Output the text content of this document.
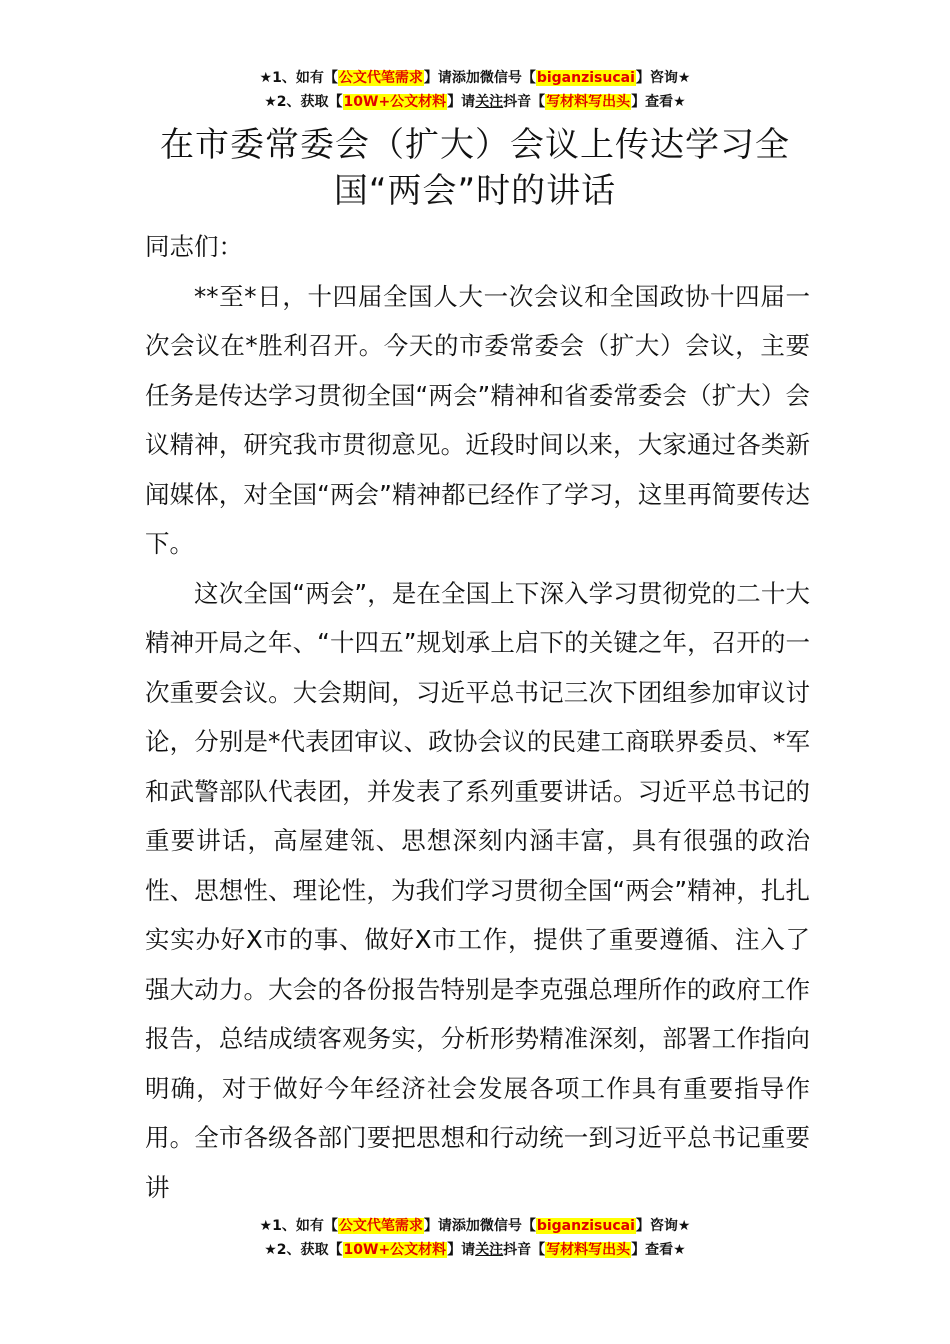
★1、如有【公文代笔需求】请添加微信号【biganzisucai】咨询★
★2、获取【10W+公文材料】请关注抖音【写材料写出头】查看★
在市委常委会（扩大）会议上传达学习全国“两会”时的讲话

同志们：

**至*日，十四届全国人大一次会议和全国政协十四届一次会议在*胜利召开。今天的市委常委会（扩大）会议，主要任务是传达学习贯彻全国“两会”精神和省委常委会（扩大）会议精神，研究我市贯彻意见。近段时间以来，大家通过各类新闻媒体，对全国“两会”精神都已经作了学习，这里再简要传达下。

这次全国“两会”，是在全国上下深入学习贯彻党的二十大精神开局之年、“十四五”规划承上启下的关键之年，召开的一次重要会议。大会期间，习近平总书记三次下团组参加审议讨论，分别是*代表团审议、政协会议的民建工商联界委员、*军和武警部队代表团，并发表了系列重要讲话。习近平总书记的重要讲话，高屋建瓴、思想深刻内涵丰富，具有很强的政治性、思想性、理论性，为我们学习贯彻全国“两会”精神，扎扎实实办好X市的事、做好X市工作，提供了重要遵循、注入了强大动力。大会的各份报告特别是李克强总理所作的政府工作报告，总结成绩客观务实，分析形势精准深刻，部署工作指向明确，对于做好今年经济社会发展各项工作具有重要指导作用。全市各级各部门要把思想和行动统一到习近平总书记重要讲

★1、如有【公文代笔需求】请添加微信号【biganzisucai】咨询★
★2、获取【10W+公文材料】请关注抖音【写材料写出头】查看★
